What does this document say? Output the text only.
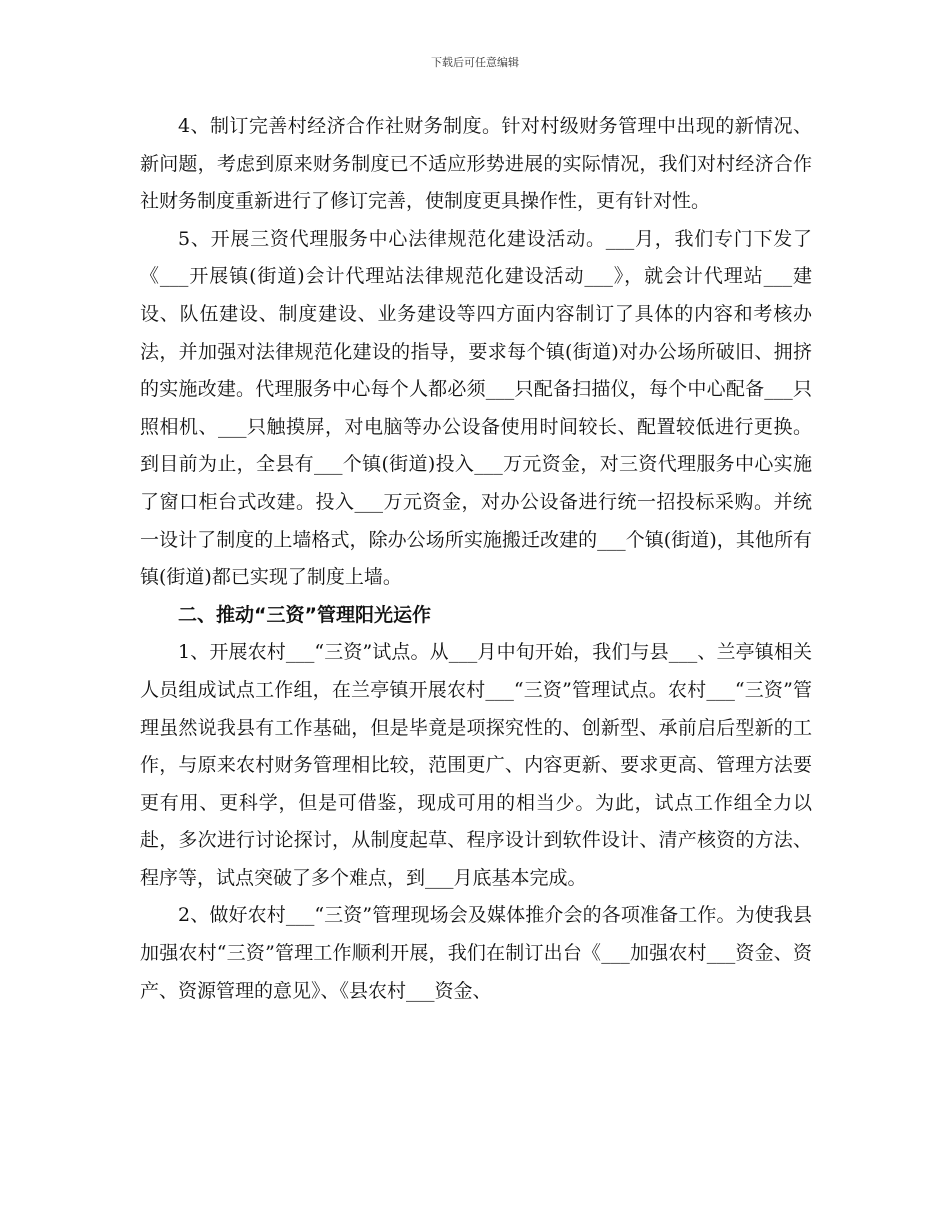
下载后可任意编辑

4、制订完善村经济合作社财务制度。针对村级财务管理中出现的新情况、新问题，考虑到原来财务制度已不适应形势进展的实际情况，我们对村经济合作社财务制度重新进行了修订完善，使制度更具操作性，更有针对性。

5、开展三资代理服务中心法律规范化建设活动。___月，我们专门下发了《___开展镇(街道)会计代理站法律规范化建设活动___》，就会计代理站___建设、队伍建设、制度建设、业务建设等四方面内容制订了具体的内容和考核办法，并加强对法律规范化建设的指导，要求每个镇(街道)对办公场所破旧、拥挤的实施改建。代理服务中心每个人都必须___只配备扫描仪，每个中心配备___只照相机、___只触摸屏，对电脑等办公设备使用时间较长、配置较低进行更换。到目前为止，全县有___个镇(街道)投入___万元资金，对三资代理服务中心实施了窗口柜台式改建。投入___万元资金，对办公设备进行统一招投标采购。并统一设计了制度的上墙格式，除办公场所实施搬迁改建的___个镇(街道)，其他所有镇(街道)都已实现了制度上墙。

二、推动“三资”管理阳光运作

1、开展农村___“三资”试点。从___月中旬开始，我们与县___、兰亭镇相关人员组成试点工作组，在兰亭镇开展农村___“三资”管理试点。农村___“三资”管理虽然说我县有工作基础，但是毕竟是项探究性的、创新型、承前启后型新的工作，与原来农村财务管理相比较，范围更广、内容更新、要求更高、管理方法要更有用、更科学，但是可借鉴，现成可用的相当少。为此，试点工作组全力以赴，多次进行讨论探讨，从制度起草、程序设计到软件设计、清产核资的方法、程序等，试点突破了多个难点，到___月底基本完成。

2、做好农村___“三资”管理现场会及媒体推介会的各项准备工作。为使我县加强农村“三资”管理工作顺利开展，我们在制订出台《___加强农村___资金、资产、资源管理的意见》、《县农村___资金、
